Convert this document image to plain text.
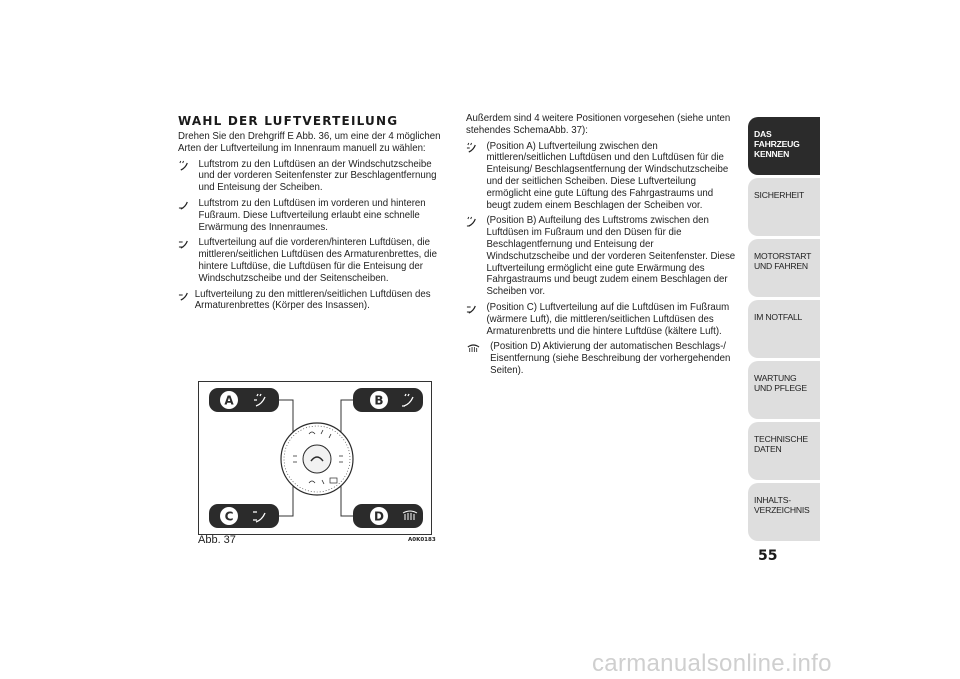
WAHL DER LUFTVERTEILUNG

Drehen Sie den Drehgriff E Abb. 36, um eine der 4 möglichen Arten der Luftverteilung im Innenraum manuell zu wählen:

Luftstrom zu den Luftdüsen an der Windschutzscheibe und der vorderen Seitenfenster zur Beschlagentfernung und Enteisung der Scheiben.
Luftstrom zu den Luftdüsen im vorderen und hinteren Fußraum. Diese Luftverteilung erlaubt eine schnelle Erwärmung des Innenraumes.
Luftverteilung auf die vorderen/hinteren Luftdüsen, die mittleren/seitlichen Luftdüsen des Armaturenbrettes, die hintere Luftdüse, die Luftdüsen für die Enteisung der Windschutzscheibe und der Seitenscheiben.
Luftverteilung zu den mittleren/seitlichen Luftdüsen des Armaturenbrettes (Körper des Insassen).

Außerdem sind 4 weitere Positionen vorgesehen (siehe unten stehendes SchemaAbb. 37):

(Position A) Luftverteilung zwischen den mittleren/seitlichen Luftdüsen und den Luftdüsen für die Enteisung/ Beschlagsentfernung der Windschutzscheibe und der seitlichen Scheiben. Diese Luftverteilung ermöglicht eine gute Lüftung des Fahrgastraums und beugt zudem einem Beschlagen der Scheiben vor.
(Position B) Aufteilung des Luftstroms zwischen den Luftdüsen im Fußraum und den Düsen für die Beschlagentfernung und Enteisung der Windschutzscheibe und der vorderen Seitenfenster. Diese Luftverteilung ermöglicht eine gute Erwärmung des Fahrgastraums und beugt zudem einem Beschlagen der Scheiben vor.
(Position C) Luftverteilung auf die Luftdüsen im Fußraum (wärmere Luft), die mittleren/seitlichen Luftdüsen des Armaturenbretts und die hintere Luftdüse (kältere Luft).
(Position D) Aktivierung der automatischen Beschlags-/ Eisentfernung (siehe Beschreibung der vorhergehenden Seiten).
A	B
C	D
Abb. 37	A0K0183
DAS FAHRZEUG KENNEN
SICHERHEIT
MOTORSTART UND FAHREN
IM NOTFALL
WARTUNG UND PFLEGE
TECHNISCHE DATEN
INHALTS- VERZEICHNIS
55
carmanualsonline.info
